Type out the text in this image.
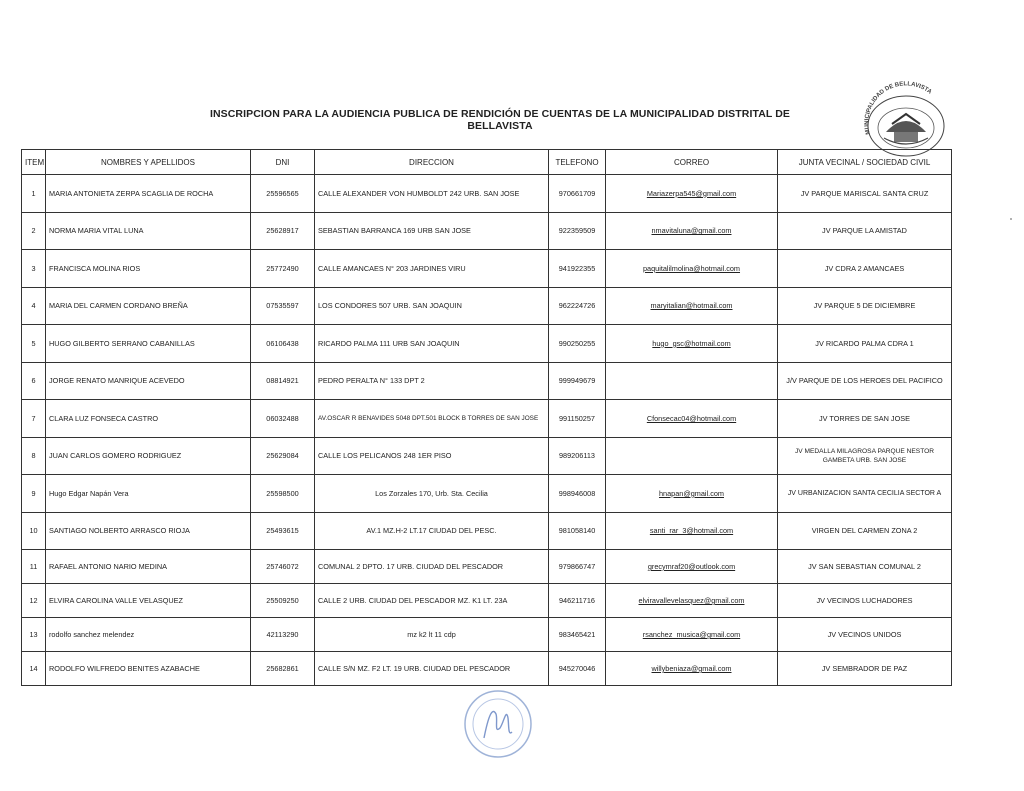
INSCRIPCION PARA LA AUDIENCIA PUBLICA DE RENDICIÓN DE CUENTAS DE LA MUNICIPALIDAD DISTRITAL DE BELLAVISTA	MUNICIPALIDAD DE BELLAVISTA
ITEM	NOMBRES Y APELLIDOS	DNI	DIRECCION	TELEFONO	CORREO	JUNTA VECINAL / SOCIEDAD CIVIL
1	MARIA ANTONIETA ZERPA SCAGLIA DE ROCHA	25596565	CALLE ALEXANDER VON HUMBOLDT 242 URB. SAN JOSE	970661709	Mariazerpa545@gmail.com	JV PARQUE MARISCAL SANTA CRUZ
2	NORMA MARIA VITAL LUNA	25628917	SEBASTIAN BARRANCA 169 URB SAN JOSE	922359509	nmavitaluna@gmail.com	JV PARQUE LA AMISTAD
3	FRANCISCA MOLINA RIOS	25772490	CALLE AMANCAES N° 203 JARDINES VIRU	941922355	paquitalilmolina@hotmail.com	JV CDRA 2 AMANCAES
4	MARIA DEL CARMEN CORDANO BREÑA	07535597	LOS CONDORES 507 URB. SAN JOAQUIN	962224726	maryitalian@hotmail.com	JV PARQUE 5 DE DICIEMBRE
5	HUGO GILBERTO SERRANO CABANILLAS	06106438	RICARDO PALMA 111 URB SAN JOAQUIN	990250255	hugo_gsc@hotmail.com	JV RICARDO PALMA CDRA 1
6	JORGE RENATO MANRIQUE ACEVEDO	08814921	PEDRO PERALTA N° 133 DPT 2	999949679		J/V PARQUE DE LOS HEROES DEL PACIFICO
7	CLARA LUZ FONSECA CASTRO	06032488	AV.OSCAR R BENAVIDES 5048 DPT.501 BLOCK B TORRES DE SAN JOSE	991150257	Cfonsecac04@hotmail.com	JV TORRES DE SAN JOSE
8	JUAN CARLOS GOMERO RODRIGUEZ	25629084	CALLE LOS PELICANOS 248 1ER PISO	989206113		JV MEDALLA MILAGROSA PARQUE NESTOR GAMBETA URB. SAN JOSE
9	Hugo Edgar Napán Vera	25598500	Los Zorzales 170, Urb. Sta. Cecilia	998946008	hnapan@gmail.com	JV URBANIZACION SANTA CECILIA SECTOR A
10	SANTIAGO NOLBERTO ARRASCO RIOJA	25493615	AV.1 MZ.H-2 LT.17 CIUDAD DEL PESC.	981058140	santi_rar_3@hotmail.com	VIRGEN DEL CARMEN ZONA 2
11	RAFAEL ANTONIO NARIO MEDINA	25746072	COMUNAL 2 DPTO. 17 URB. CIUDAD DEL PESCADOR	979866747	grecymraf20@outlook.com	JV SAN SEBASTIAN COMUNAL 2
12	ELVIRA CAROLINA VALLE VELASQUEZ	25509250	CALLE 2 URB. CIUDAD DEL PESCADOR MZ. K1 LT. 23A	946211716	elviravallevelasquez@gmail.com	JV VECINOS LUCHADORES
13	rodolfo sanchez melendez	42113290	mz k2 lt 11 cdp	983465421	rsanchez_musica@gmail.com	JV VECINOS UNIDOS
14	RODOLFO WILFREDO BENITES AZABACHE	25682861	CALLE S/N MZ. F2 LT. 19 URB. CIUDAD DEL PESCADOR	945270046	willybeniaza@gmail.com	JV SEMBRADOR DE PAZ
